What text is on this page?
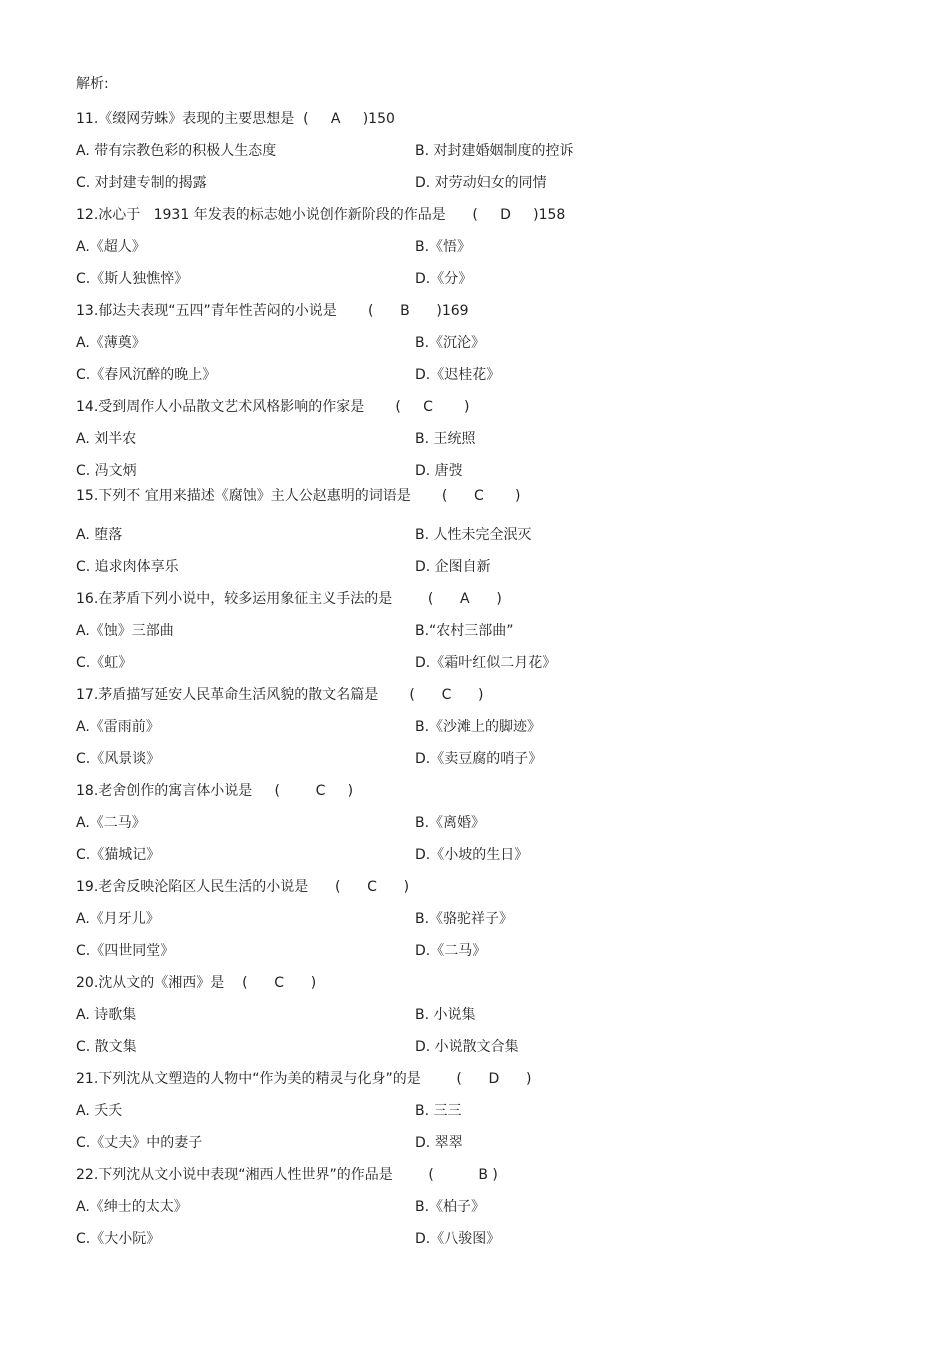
解析:
11.《缀网劳蛛》表现的主要思想是 (     A     )150
A. 带有宗教色彩的积极人生态度	B. 对封建婚姻制度的控诉
C. 对封建专制的揭露	D. 对劳动妇女的同情
12.冰心于   1931 年发表的标志她小说创作新阶段的作品是 (     D     )158
A.《超人》	B.《悟》
C.《斯人独憔悴》	D.《分》
13.郁达夫表现“五四”青年性苦闷的小说是 (      B      )169
A.《薄奠》	B.《沉沦》
C.《春风沉醉的晚上》	D.《迟桂花》
14.受到周作人小品散文艺术风格影响的作家是 (     C       )
A. 刘半农	B. 王统照
C. 冯文炳	D. 唐弢
15.下列不 宜用来描述《腐蚀》主人公赵惠明的词语是 (      C       )
A. 堕落	B. 人性未完全泯灭
C. 追求肉体享乐	D. 企图自新
16.在茅盾下列小说中，较多运用象征主义手法的是	(      A      )
A.《蚀》三部曲	B.“农村三部曲”
C.《虹》	D.《霜叶红似二月花》
17.茅盾描写延安人民革命生活风貌的散文名篇是 (      C      )
A.《雷雨前》	B.《沙滩上的脚迹》
C.《风景谈》	D.《卖豆腐的哨子》
18.老舍创作的寓言体小说是 (        C     )
A.《二马》	B.《离婚》
C.《猫城记》	D.《小坡的生日》
19.老舍反映沦陷区人民生活的小说是 (      C      )
A.《月牙儿》	B.《骆驼祥子》
C.《四世同堂》	D.《二马》
20.沈从文的《湘西》是 (      C      )
A. 诗歌集	B. 小说集
C. 散文集	D. 小说散文合集
21.下列沈从文塑造的人物中“作为美的精灵与化身”的是	(      D      )
A. 夭夭	B. 三三
C.《丈夫》中的妻子	D. 翠翠
22.下列沈从文小说中表现“湘西人性世界”的作品是	(          B )
A.《绅士的太太》	B.《柏子》
C.《大小阮》	D.《八骏图》
